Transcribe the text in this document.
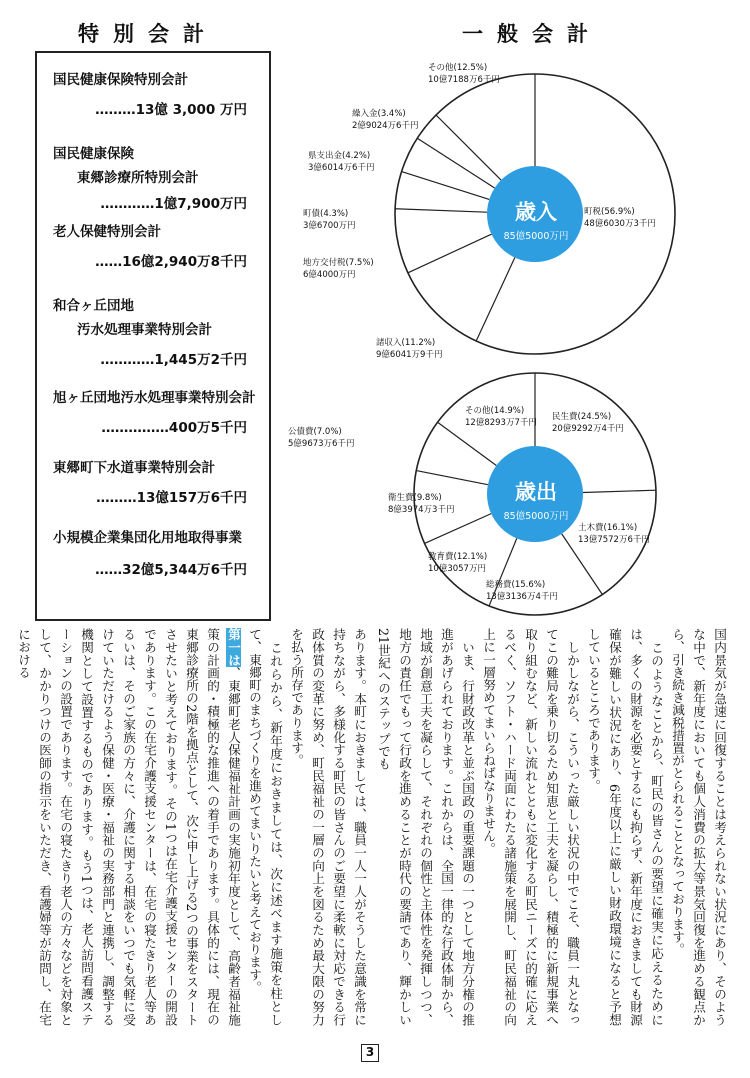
特別会計	一般会計
国民健康保険特別会計
………13億 3,000 万円
国民健康保険
東郷診療所特別会計
…………1億7,900万円
老人保健特別会計
……16億2,940万8千円
和合ヶ丘団地
汚水処理事業特別会計
…………1,445万2千円
旭ヶ丘団地汚水処理事業特別会計
……………400万5千円
東郷町下水道事業特別会計
………13億157万6千円
小規模企業集団化用地取得事業
……32億5,344万6千円
町税(56.9%)
48億6030万3千円
諸収入(11.2%)
9億6041万9千円
地方交付税(7.5%)
6億4000万円
町債(4.3%)
3億6700万円
県支出金(4.2%)
3億6014万6千円
繰入金(3.4%)
2億9024万6千円
その他(12.5%)
10億7188万6千円
民生費(24.5%)
20億9292万4千円
土木費(16.1%)
13億7572万6千円
総務費(15.6%)
13億3136万4千円
教育費(12.1%)
10億3057万円
衛生費(9.8%)
8億3974万3千円
公債費(7.0%)
5億9673万6千円
その他(14.9%)
12億8293万7千円
歳入
85億5000万円
歳出
85億5000万円
国内景気が急速に回復することは考えられない状況にあり、そのような中で、新年度においても個人消費の拡大等景気回復を進める観点から、引き続き減税措置がとられることとなっております。
　このようなことから、町民の皆さんの要望に確実に応えるためには、多くの財源を必要とするにも拘らず、新年度におきましても財源確保が難しい状況にあり、6年度以上に厳しい財政環境になると予想しているところであります。
　しかしながら、こういった厳しい状況の中でこそ、職員一丸となってこの難局を乗り切るため知恵と工夫を凝らし、積極的に新規事業へ取り組むなど、新しい流れとともに変化する町民ニーズに的確に応えるべく、ソフト・ハード両面にわたる諸施策を展開し、町民福祉の向上に一層努めてまいらねばなりません。
　いま、行財政改革と並ぶ国政の重要課題の一つとして地方分権の推進があげられております。これからは、全国一律的な行政体制から、地域が創意工夫を凝らして、それぞれの個性と主体性を発揮しつつ、地方の責任でもって行政を進めることが時代の要請であり、輝かしい21世紀へのステップでも
あります。本町におきましては、職員一人一人がそうした意識を常に持ちながら、多様化する町民の皆さんのご要望に柔軟に対応できる行政体質の変革に努め、町民福祉の一層の向上を図るため最大限の努力を払う所存であります。
　これらから、新年度におきましては、次に述べます施策を柱として、東郷町のまちづくりを進めてまいりたいと考えております。
第一は、東郷町老人保健福祉計画の実施初年度として、高齢者福祉施策の計画的・積極的な推進への着手であります。具体的には、現在の東郷診療所の2階を拠点として、次に申し上げる2つの事業をスタートさせたいと考えております。その1つは在宅介護支援センターの開設であります。この在宅介護支援センターは、在宅の寝たきり老人等あるいは、そのご家族の方々に、介護に関する相談をいつでも気軽に受けていただけるよう保健・医療・福祉の実務部門と連携し、調整する機関として設置するものであります。もう1つは、老人訪問看護ステーションの設置であります。在宅の寝たきり老人の方々などを対象として、かかりつけの医師の指示をいただき、看護婦等が訪問し、在宅における
3
